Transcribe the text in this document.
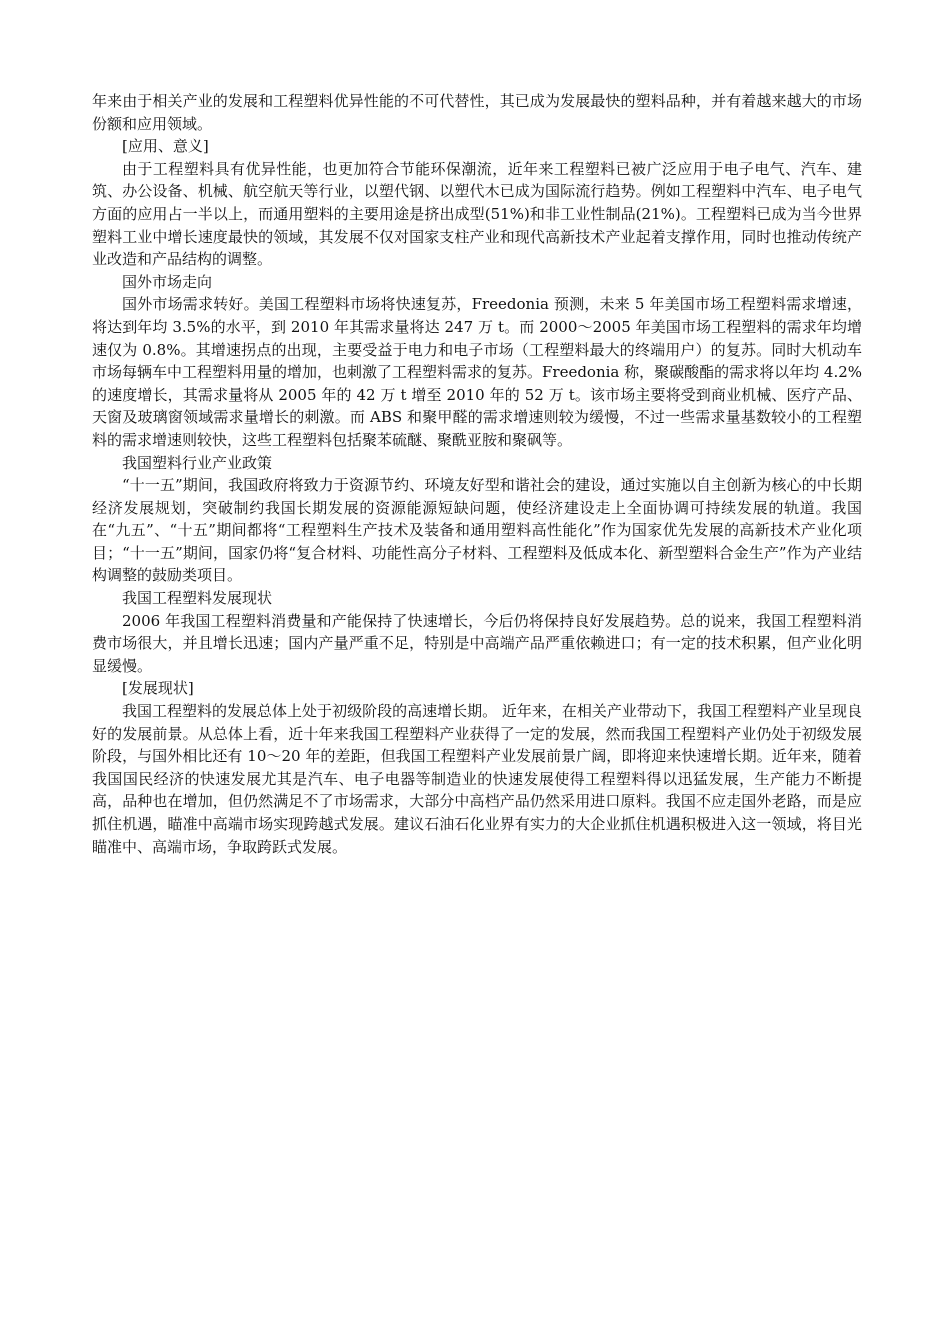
年来由于相关产业的发展和工程塑料优异性能的不可代替性，其已成为发展最快的塑料品种，并有着越来越大的市场份额和应用领域。

[应用、意义]

由于工程塑料具有优异性能，也更加符合节能环保潮流，近年来工程塑料已被广泛应用于电子电气、汽车、建筑、办公设备、机械、航空航天等行业，以塑代钢、以塑代木已成为国际流行趋势。例如工程塑料中汽车、电子电气方面的应用占一半以上，而通用塑料的主要用途是挤出成型(51%)和非工业性制品(21%)。工程塑料已成为当今世界塑料工业中增长速度最快的领域，其发展不仅对国家支柱产业和现代高新技术产业起着支撑作用，同时也推动传统产业改造和产品结构的调整。

国外市场走向

国外市场需求转好。美国工程塑料市场将快速复苏，Freedonia 预测，未来 5 年美国市场工程塑料需求增速，将达到年均 3.5%的水平，到 2010 年其需求量将达 247 万 t。而 2000～2005 年美国市场工程塑料的需求年均增速仅为 0.8%。其增速拐点的出现，主要受益于电力和电子市场（工程塑料最大的终端用户）的复苏。同时大机动车市场每辆车中工程塑料用量的增加，也刺激了工程塑料需求的复苏。Freedonia 称，聚碳酸酯的需求将以年均 4.2%的速度增长，其需求量将从 2005 年的 42 万 t 增至 2010 年的 52 万 t。该市场主要将受到商业机械、医疗产品、天窗及玻璃窗领域需求量增长的刺激。而 ABS 和聚甲醛的需求增速则较为缓慢，不过一些需求量基数较小的工程塑料的需求增速则较快，这些工程塑料包括聚苯硫醚、聚酰亚胺和聚砜等。

我国塑料行业产业政策

“十一五”期间，我国政府将致力于资源节约、环境友好型和谐社会的建设，通过实施以自主创新为核心的中长期经济发展规划，突破制约我国长期发展的资源能源短缺问题，使经济建设走上全面协调可持续发展的轨道。我国在“九五”、“十五”期间都将“工程塑料生产技术及装备和通用塑料高性能化”作为国家优先发展的高新技术产业化项目；“十一五”期间，国家仍将“复合材料、功能性高分子材料、工程塑料及低成本化、新型塑料合金生产”作为产业结构调整的鼓励类项目。

我国工程塑料发展现状

2006 年我国工程塑料消费量和产能保持了快速增长，今后仍将保持良好发展趋势。总的说来，我国工程塑料消费市场很大，并且增长迅速；国内产量严重不足，特别是中高端产品严重依赖进口；有一定的技术积累，但产业化明显缓慢。

[发展现状]

我国工程塑料的发展总体上处于初级阶段的高速增长期。 近年来，在相关产业带动下，我国工程塑料产业呈现良好的发展前景。从总体上看，近十年来我国工程塑料产业获得了一定的发展，然而我国工程塑料产业仍处于初级发展阶段，与国外相比还有 10～20 年的差距，但我国工程塑料产业发展前景广阔，即将迎来快速增长期。近年来，随着我国国民经济的快速发展尤其是汽车、电子电器等制造业的快速发展使得工程塑料得以迅猛发展，生产能力不断提高，品种也在增加，但仍然满足不了市场需求，大部分中高档产品仍然采用进口原料。我国不应走国外老路，而是应抓住机遇，瞄准中高端市场实现跨越式发展。建议石油石化业界有实力的大企业抓住机遇积极进入这一领域，将目光瞄准中、高端市场，争取跨跃式发展。
